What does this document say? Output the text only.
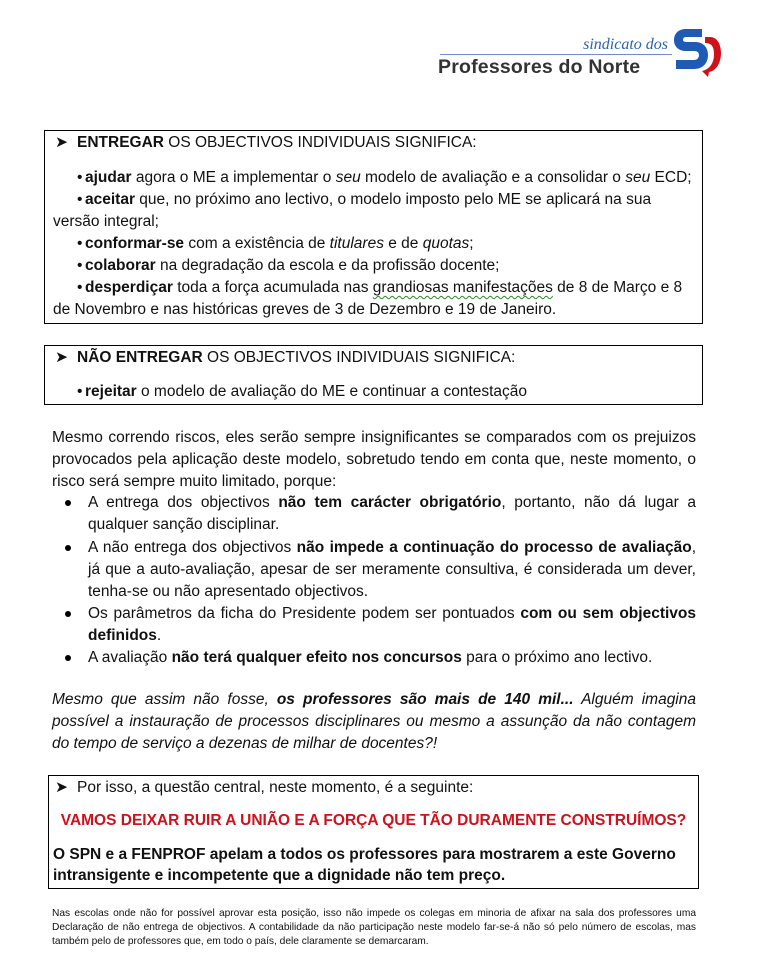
sindicato dos
Professores do Norte
➤ ENTREGAR OS OBJECTIVOS INDIVIDUAIS SIGNIFICA:
• ajudar agora o ME a implementar o seu modelo de avaliação e a consolidar o seu ECD;
• aceitar que, no próximo ano lectivo, o modelo imposto pelo ME se aplicará na sua
versão integral;
• conformar-se com a existência de titulares e de quotas;
• colaborar na degradação da escola e da profissão docente;
• desperdiçar toda a força acumulada nas grandiosas manifestações de 8 de Março e 8
de Novembro e nas históricas greves de 3 de Dezembro e 19 de Janeiro.
➤ NÃO ENTREGAR OS OBJECTIVOS INDIVIDUAIS SIGNIFICA:
• rejeitar o modelo de avaliação do ME e continuar a contestação
Mesmo correndo riscos, eles serão sempre insignificantes se comparados com os prejuizos provocados pela aplicação deste modelo, sobretudo tendo em conta que, neste momento, o risco será sempre muito limitado, porque:
A entrega dos objectivos não tem carácter obrigatório, portanto, não dá lugar a qualquer sanção disciplinar.
A não entrega dos objectivos não impede a continuação do processo de avaliação, já que a auto-avaliação, apesar de ser meramente consultiva, é considerada um dever, tenha-se ou não apresentado objectivos.
Os parâmetros da ficha do Presidente podem ser pontuados com ou sem objectivos definidos.
A avaliação não terá qualquer efeito nos concursos para o próximo ano lectivo.
Mesmo que assim não fosse, os professores são mais de 140 mil... Alguém imagina possível a instauração de processos disciplinares ou mesmo a assunção da não contagem do tempo de serviço a dezenas de milhar de docentes?!
➤ Por isso, a questão central, neste momento, é a seguinte:
VAMOS DEIXAR RUIR A UNIÃO E A FORÇA QUE TÃO DURAMENTE CONSTRUÍMOS?
O SPN e a FENPROF apelam a todos os professores para mostrarem a este Governo
intransigente e incompetente que a dignidade não tem preço.
Nas escolas onde não for possível aprovar esta posição, isso não impede os colegas em minoria de afixar na sala dos professores uma Declaração de não entrega de objectivos. A contabilidade da não participação neste modelo far-se-á não só pelo número de escolas, mas também pelo de professores que, em todo o país, dele claramente se demarcaram.
